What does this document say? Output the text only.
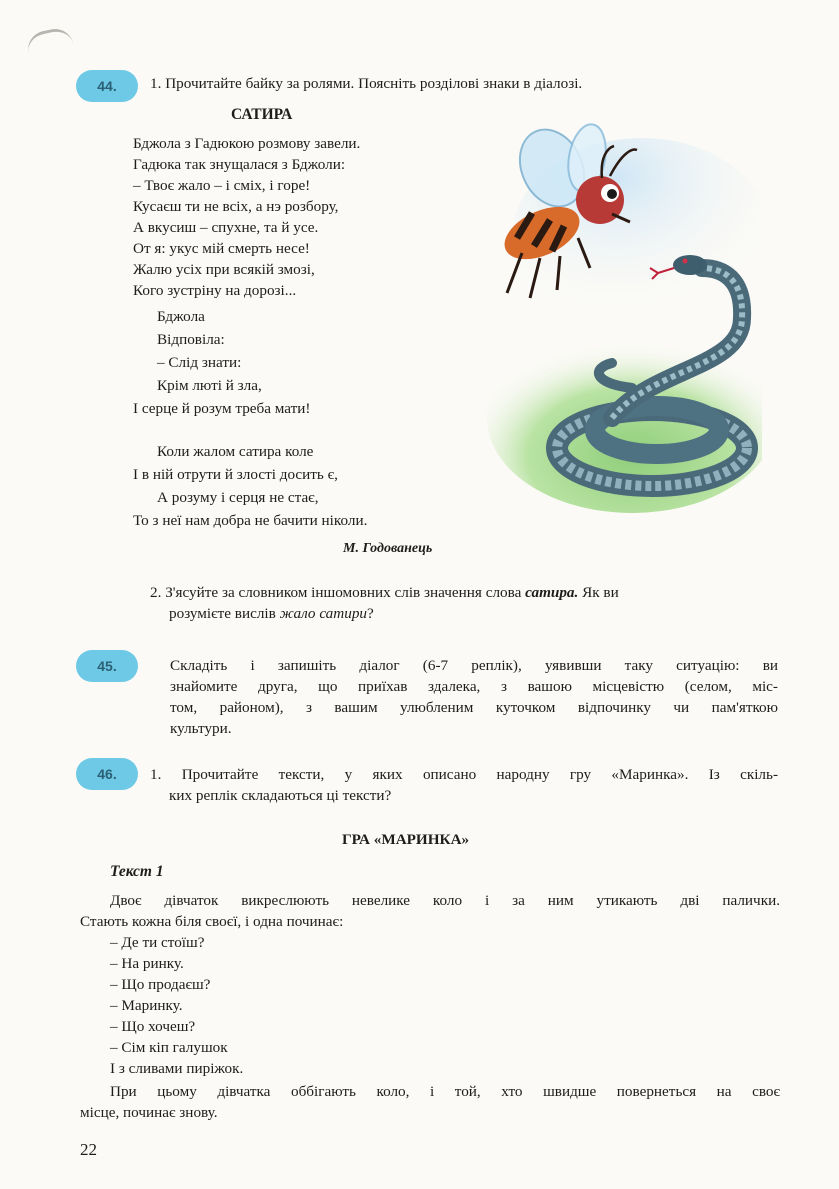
44.	1. Прочитайте байку за ролями. Поясніть розділові знаки в діалозі.
САТИРА
Бджола з Гадюкою розмову завели.
Гадюка так знущалася з Бджоли:
– Твоє жало – і сміх, і горе!
Кусаєш ти не всіх, а нэ розбору,
А вкусиш – спухне, та й усе.
От я: укус мій смерть несе!
Жалю усіх при всякій змозі,
Кого зустріну на дорозі...
Бджола
Відповіла:
– Слід знати:
Крім люті й зла,
І серце й розум треба мати!
Коли жалом сатира коле
І в ній отрути й злості досить є,
А розуму і серця не стає,
То з неї нам добра не бачити ніколи.
М. Годованець
2. З'ясуйте за словником іншомовних слів значення слова сатира. Як ви
розумієте вислів жало сатири?
45.	Складіть і запишіть діалог (6-7 реплік), уявивши таку ситуацію: ви
знайомите друга, що приїхав здалека, з вашою місцевістю (селом, міс-
том, районом), з вашим улюбленим куточком відпочинку чи пам'яткою
культури.
46.	1. Прочитайте тексти, у яких описано народну гру «Маринка». Із скіль-
ких реплік складаються ці тексти?
ГРА «МАРИНКА»
Текст 1
Двоє дівчаток викреслюють невелике коло і за ним утикають дві палички.
Стають кожна біля своєї, і одна починає:
– Де ти стоїш?
– На ринку.
– Що продаєш?
– Маринку.
– Що хочеш?
– Сім кіп галушок
І з сливами пиріжок.
При цьому дівчатка оббігають коло, і той, хто швидше повернеться на своє
місце, починає знову.
22
